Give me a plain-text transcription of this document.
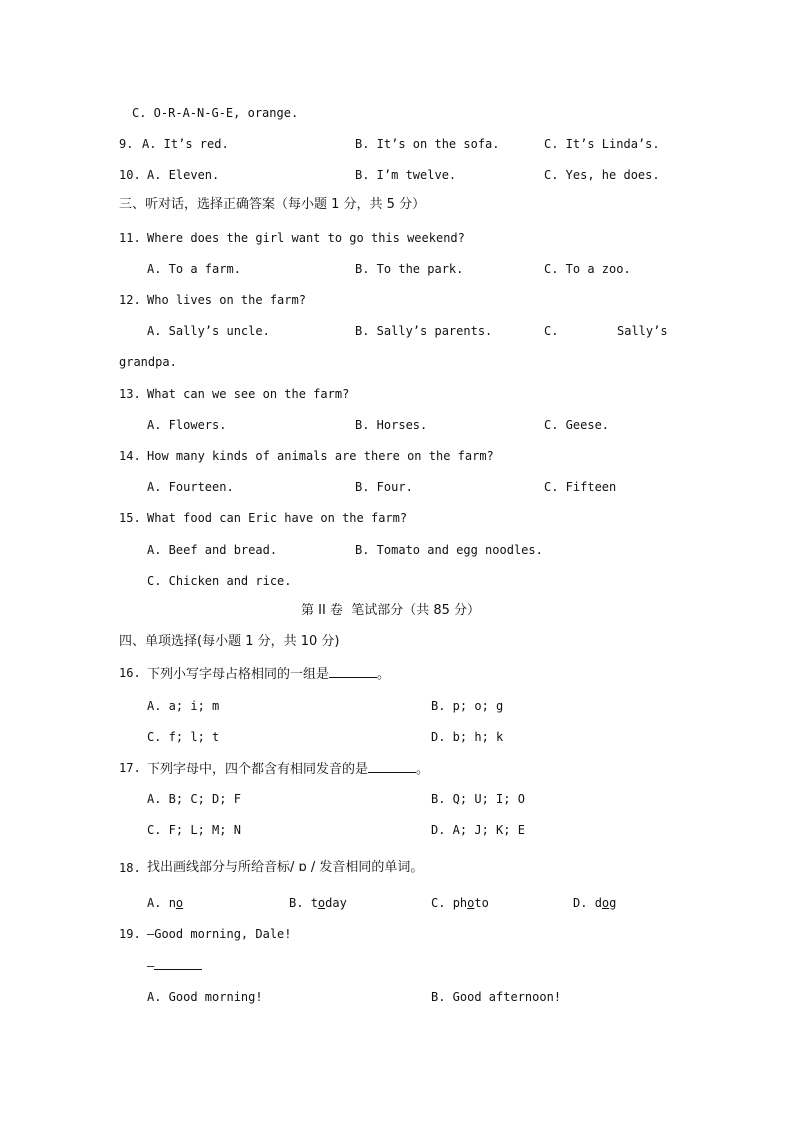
C. O-R-A-N-G-E, orange.
9. A. It’s red.	B. It’s on the sofa.	C. It’s Linda’s.
10. A. Eleven.	B. I’m twelve.	C. Yes, he does.
三、听对话，选择正确答案（每小题 1 分，共 5 分）
11. Where does the girl want to go this weekend?
A. To a farm.	B. To the park.	C. To a zoo.
12. Who lives on the farm?
A. Sally’s uncle.	B. Sally’s parents.	C.	Sally’s
grandpa.
13. What can we see on the farm?
A. Flowers.	B. Horses.	C. Geese.
14. How many kinds of animals are there on the farm?
A. Fourteen.	B. Four.	C. Fifteen
15. What food can Eric have on the farm?
A. Beef and bread.	B. Tomato and egg noodles.
C. Chicken and rice.
第 II 卷  笔试部分（共 85 分）
四、单项选择(每小题 1 分，共 10 分)
16. 下列小写字母占格相同的一组是	。
A. a; i; m	B. p; o; g
C. f; l; t	D. b; h; k
17. 下列字母中，四个都含有相同发音的是	。
A. B; C; D; F	B. Q; U; I; O
C. F; L; M; N	D. A; J; K; E
18. 找出画线部分与所给音标/ ɒ / 发音相同的单词。
A. no	B. today	C. photo	D. dog
19. —Good morning, Dale!
—
A. Good morning!	B. Good afternoon!
